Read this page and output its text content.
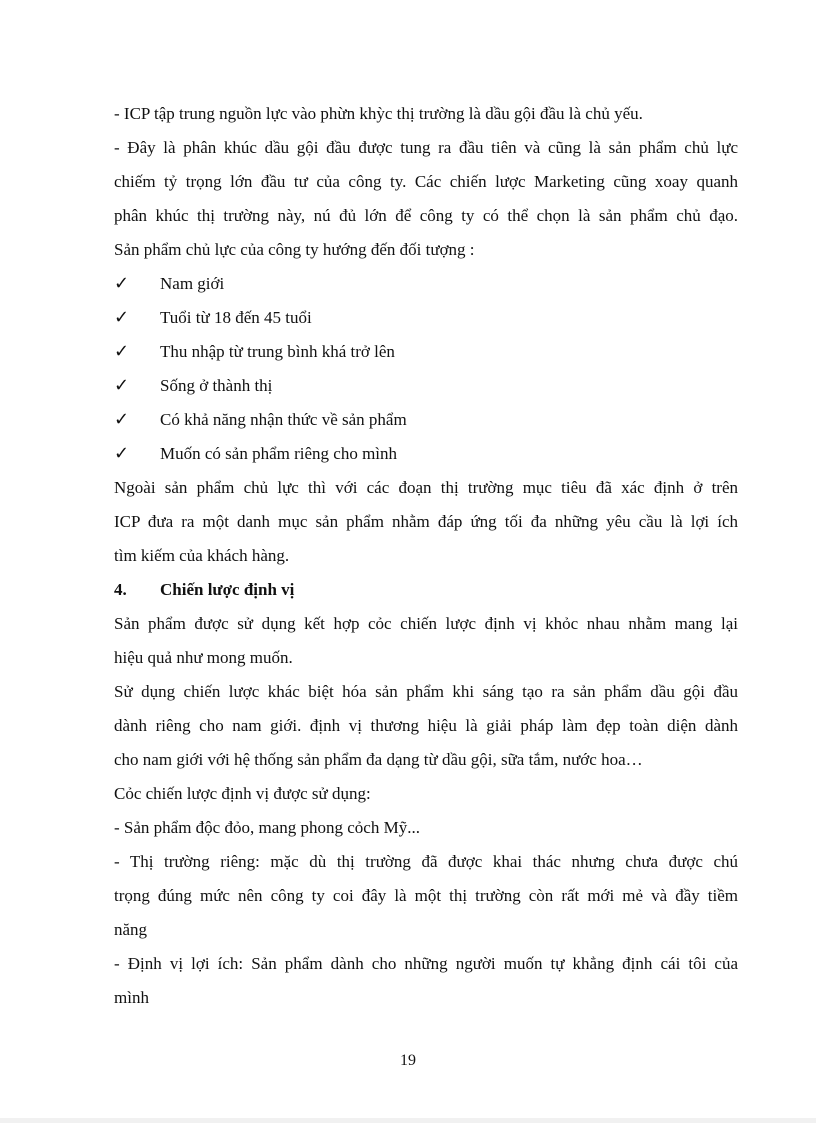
- ICP tập trung nguồn lực vào phừn khỳc thị trường là dầu gội đầu là chủ yếu.
- Đây là phân khúc dầu gội đầu được tung ra đầu tiên và cũng là sản phẩm chủ lực
chiếm tỷ trọng lớn đầu tư của công ty. Các chiến lược Marketing cũng xoay quanh
phân khúc thị trường này, nú đủ lớn để công ty có thể chọn là sản phẩm chủ đạo.
Sản phẩm chủ lực của công ty hướng đến đối tượng :
✓	Nam giới
✓	Tuổi từ 18 đến 45 tuổi
✓	Thu nhập từ trung bình khá trở lên
✓	Sống ở thành thị
✓	Có khả năng nhận thức về sản phẩm
✓	Muốn có sản phẩm riêng cho mình
Ngoài sản phẩm chủ lực thì với các đoạn thị trường mục tiêu đã xác định ở trên
ICP đưa ra một danh mục sản phẩm nhằm đáp ứng tối đa những yêu cầu là lợi ích
tìm kiếm của khách hàng.
4.	Chiến lược định vị
Sản phẩm được sử dụng kết hợp cỏc chiến lược định vị khỏc nhau nhằm mang lại
hiệu quả như mong muốn.
Sử dụng chiến lược khác biệt hóa sản phẩm khi sáng tạo ra sản phẩm dầu gội đầu
dành riêng cho nam giới. định vị thương hiệu là giải pháp làm đẹp toàn diện dành
cho nam giới với hệ thống sản phẩm đa dạng từ dầu gội, sữa tắm, nước hoa…
Cỏc chiến lược định vị được sử dụng:
- Sản phẩm độc đỏo, mang phong cỏch Mỹ...
- Thị trường riêng: mặc dù thị trường đã được khai thác nhưng chưa được chú
trọng đúng mức nên công ty coi đây là một thị trường còn rất mới mẻ và đầy tiềm
năng
- Định vị lợi ích: Sản phẩm dành cho những người muốn tự khẳng định cái tôi của
mình
19
